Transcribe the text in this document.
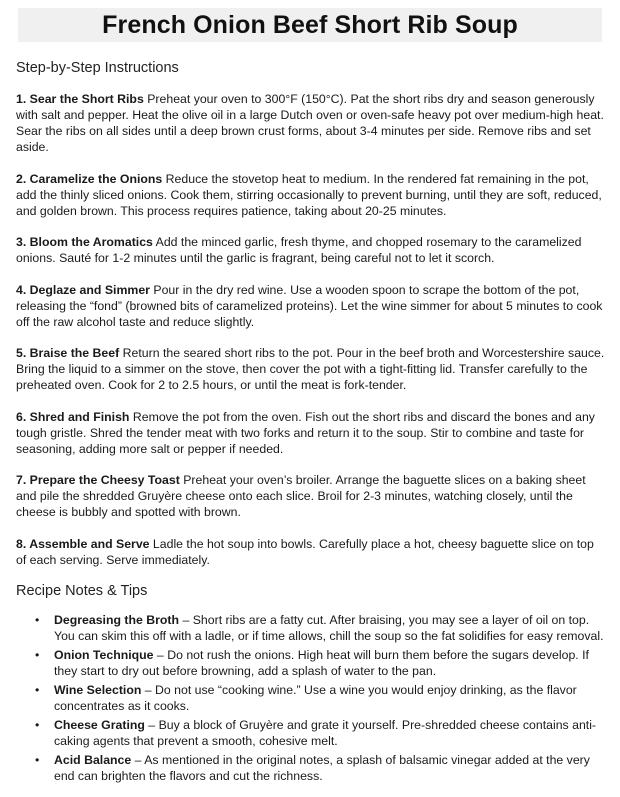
French Onion Beef Short Rib Soup
Step-by-Step Instructions

1. Sear the Short Ribs Preheat your oven to 300°F (150°C). Pat the short ribs dry and season generously with salt and pepper. Heat the olive oil in a large Dutch oven or oven-safe heavy pot over medium-high heat. Sear the ribs on all sides until a deep brown crust forms, about 3-4 minutes per side. Remove ribs and set aside.

2. Caramelize the Onions Reduce the stovetop heat to medium. In the rendered fat remaining in the pot, add the thinly sliced onions. Cook them, stirring occasionally to prevent burning, until they are soft, reduced, and golden brown. This process requires patience, taking about 20-25 minutes.

3. Bloom the Aromatics Add the minced garlic, fresh thyme, and chopped rosemary to the caramelized onions. Sauté for 1-2 minutes until the garlic is fragrant, being careful not to let it scorch.

4. Deglaze and Simmer Pour in the dry red wine. Use a wooden spoon to scrape the bottom of the pot, releasing the “fond” (browned bits of caramelized proteins). Let the wine simmer for about 5 minutes to cook off the raw alcohol taste and reduce slightly.

5. Braise the Beef Return the seared short ribs to the pot. Pour in the beef broth and Worcestershire sauce. Bring the liquid to a simmer on the stove, then cover the pot with a tight-fitting lid. Transfer carefully to the preheated oven. Cook for 2 to 2.5 hours, or until the meat is fork-tender.

6. Shred and Finish Remove the pot from the oven. Fish out the short ribs and discard the bones and any tough gristle. Shred the tender meat with two forks and return it to the soup. Stir to combine and taste for seasoning, adding more salt or pepper if needed.

7. Prepare the Cheesy Toast Preheat your oven’s broiler. Arrange the baguette slices on a baking sheet and pile the shredded Gruyère cheese onto each slice. Broil for 2-3 minutes, watching closely, until the cheese is bubbly and spotted with brown.

8. Assemble and Serve Ladle the hot soup into bowls. Carefully place a hot, cheesy baguette slice on top of each serving. Serve immediately.

Recipe Notes & Tips
• Degreasing the Broth – Short ribs are a fatty cut. After braising, you may see a layer of oil on top. You can skim this off with a ladle, or if time allows, chill the soup so the fat solidifies for easy removal.
• Onion Technique – Do not rush the onions. High heat will burn them before the sugars develop. If they start to dry out before browning, add a splash of water to the pan.
• Wine Selection – Do not use “cooking wine.” Use a wine you would enjoy drinking, as the flavor concentrates as it cooks.
• Cheese Grating – Buy a block of Gruyère and grate it yourself. Pre-shredded cheese contains anti-caking agents that prevent a smooth, cohesive melt.
• Acid Balance – As mentioned in the original notes, a splash of balsamic vinegar added at the very end can brighten the flavors and cut the richness.
